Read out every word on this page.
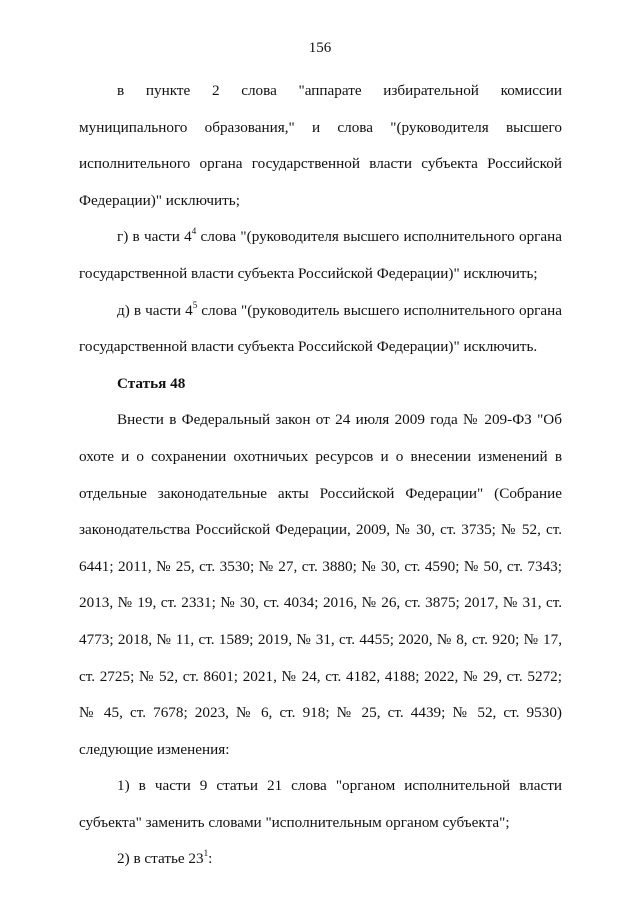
156

в пункте 2 слова "аппарате избирательной комиссии муниципального образования," и слова "(руководителя высшего исполнительного органа государственной власти субъекта Российской Федерации)" исключить;

г) в части $4^4$ слова "(руководителя высшего исполнительного органа государственной власти субъекта Российской Федерации)" исключить;

д) в части $4^5$ слова "(руководитель высшего исполнительного органа государственной власти субъекта Российской Федерации)" исключить.

Статья 48

Внести в Федеральный закон от 24 июля 2009 года № 209-ФЗ "Об охоте и о сохранении охотничьих ресурсов и о внесении изменений в отдельные законодательные акты Российской Федерации" (Собрание законодательства Российской Федерации, 2009, № 30, ст. 3735; № 52, ст. 6441; 2011, № 25, ст. 3530; № 27, ст. 3880; № 30, ст. 4590; № 50, ст. 7343; 2013, № 19, ст. 2331; № 30, ст. 4034; 2016, № 26, ст. 3875; 2017, № 31, ст. 4773; 2018, № 11, ст. 1589; 2019, № 31, ст. 4455; 2020, № 8, ст. 920; № 17, ст. 2725; № 52, ст. 8601; 2021, № 24, ст. 4182, 4188; 2022, № 29, ст. 5272; № 45, ст. 7678; 2023, № 6, ст. 918; № 25, ст. 4439; № 52, ст. 9530) следующие изменения:

1) в части 9 статьи 21 слова "органом исполнительной власти субъекта" заменить словами "исполнительным органом субъекта";

2) в статье $23^1$:
